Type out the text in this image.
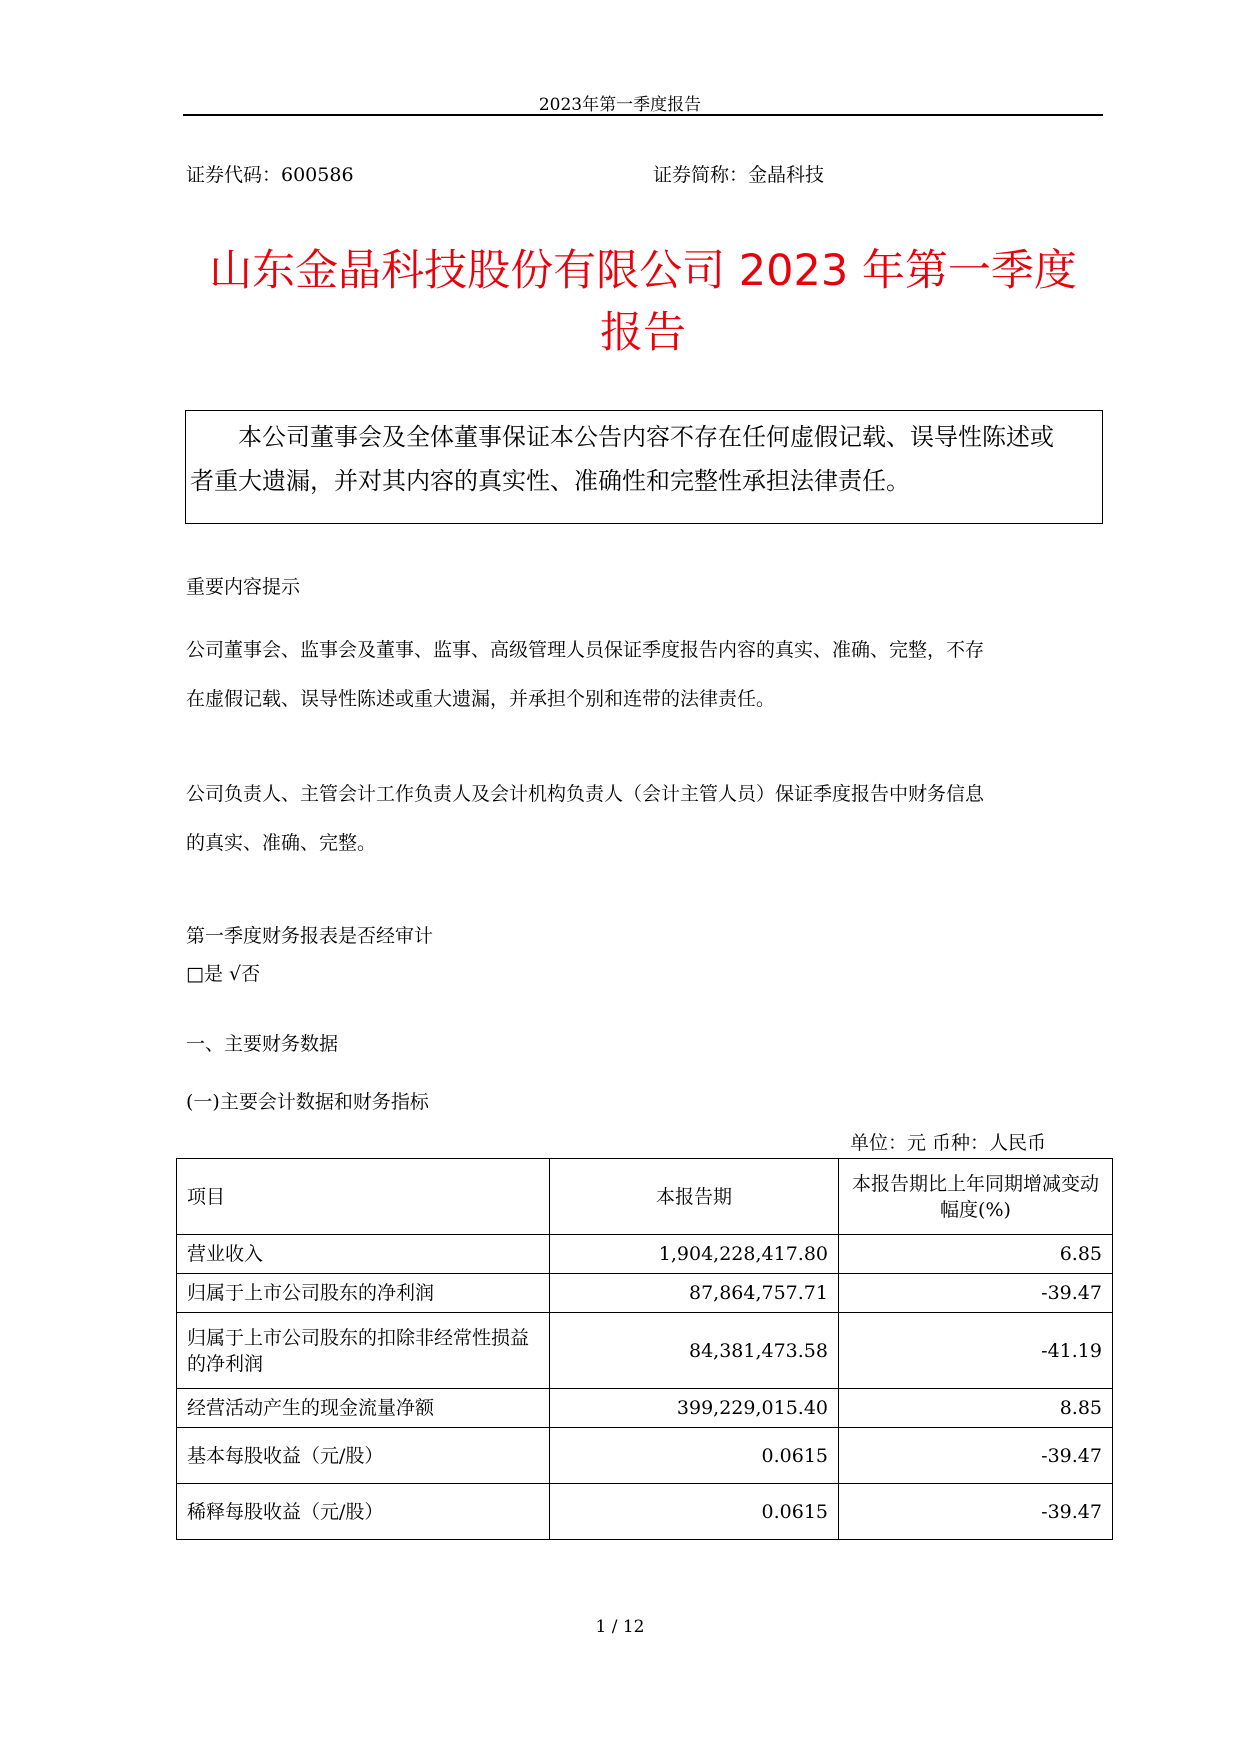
2023年第一季度报告
证券代码：600586	证券简称：金晶科技
山东金晶科技股份有限公司 2023 年第一季度
报告
本公司董事会及全体董事保证本公告内容不存在任何虚假记载、误导性陈述或
者重大遗漏，并对其内容的真实性、准确性和完整性承担法律责任。
重要内容提示
公司董事会、监事会及董事、监事、高级管理人员保证季度报告内容的真实、准确、完整，不存
在虚假记载、误导性陈述或重大遗漏，并承担个别和连带的法律责任。
公司负责人、主管会计工作负责人及会计机构负责人（会计主管人员）保证季度报告中财务信息
的真实、准确、完整。
第一季度财务报表是否经审计
□是 √否
一、主要财务数据
(一)主要会计数据和财务指标
单位：元 币种：人民币
项目	本报告期	本报告期比上年同期增减变动幅度(%)
营业收入	1,904,228,417.80	6.85
归属于上市公司股东的净利润	87,864,757.71	-39.47
归属于上市公司股东的扣除非经常性损益的净利润	84,381,473.58	-41.19
经营活动产生的现金流量净额	399,229,015.40	8.85
基本每股收益（元/股）	0.0615	-39.47
稀释每股收益（元/股）	0.0615	-39.47
1 / 12
